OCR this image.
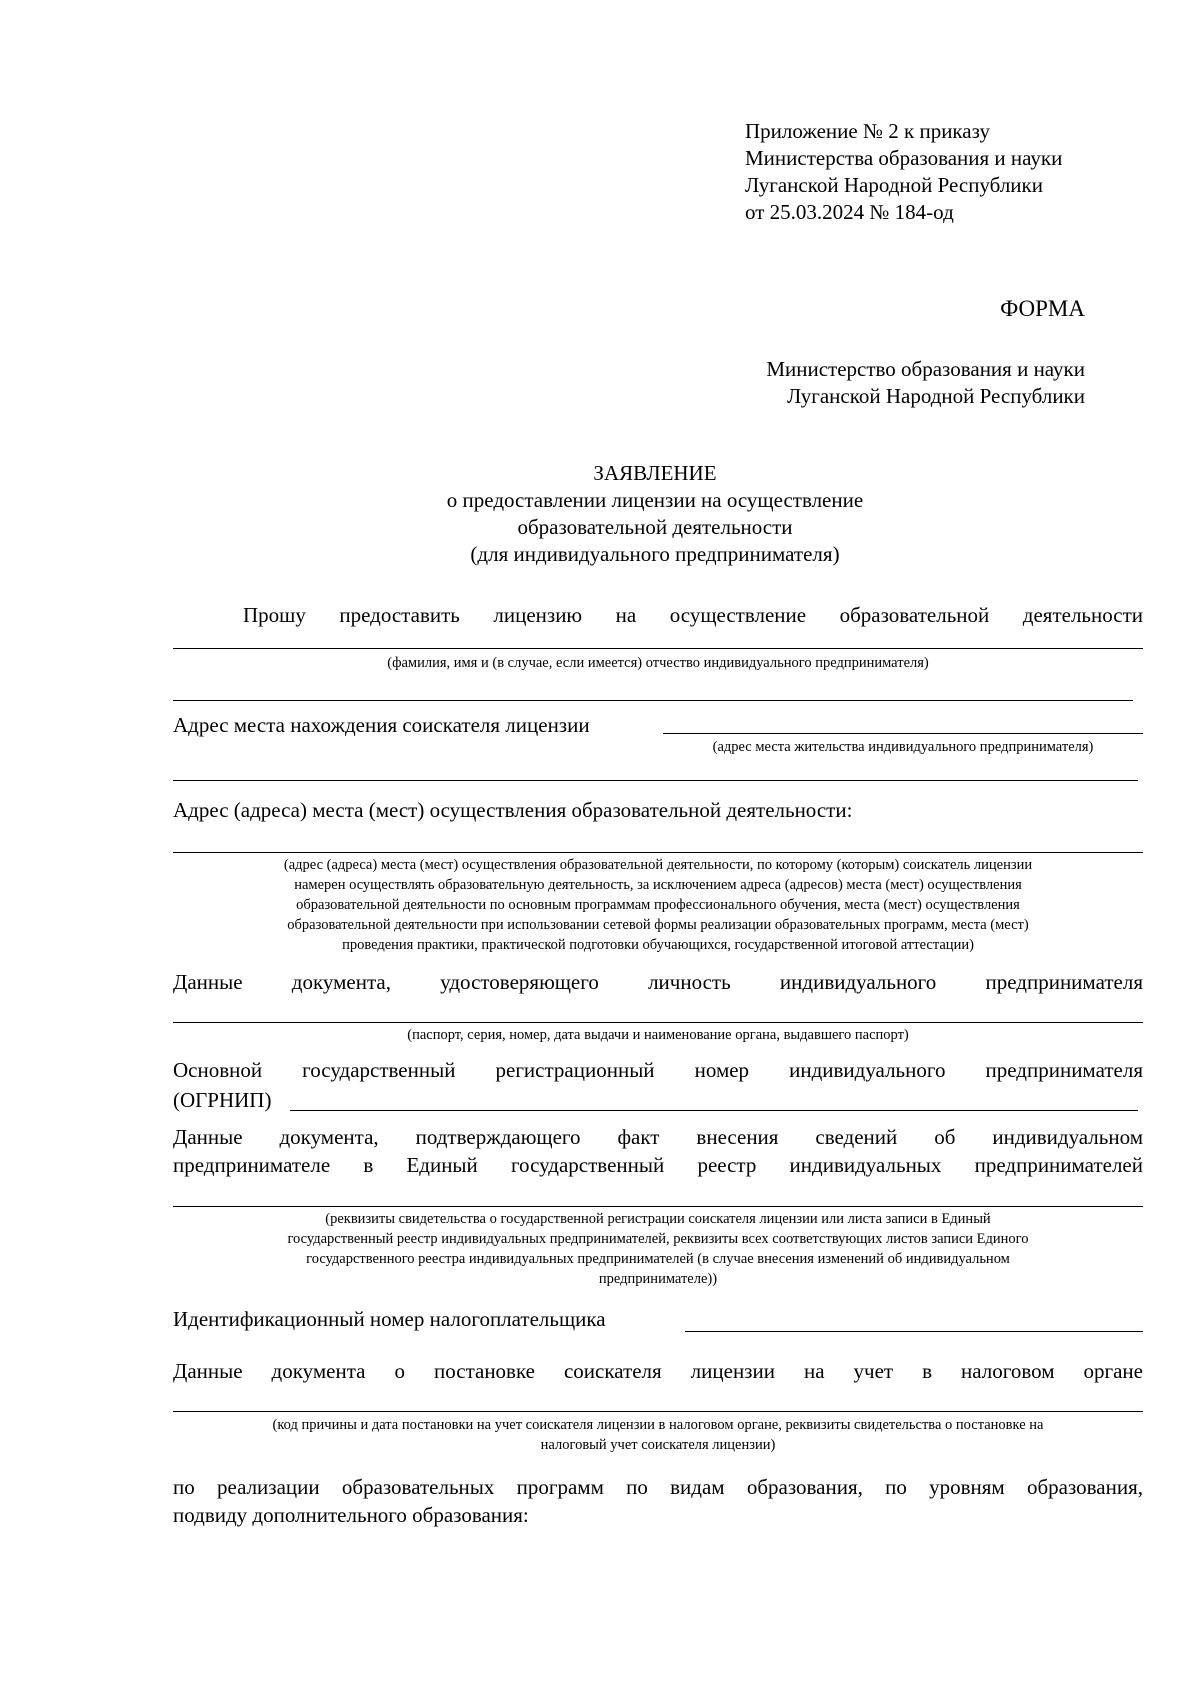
Приложение № 2 к приказу
Министерства образования и науки
Луганской Народной Республики
от 25.03.2024 № 184-од
ФОРМА
Министерство образования и науки
Луганской Народной Республики
ЗАЯВЛЕНИЕ
о предоставлении лицензии на осуществление
образовательной деятельности
(для индивидуального предпринимателя)
Прошу предоставить лицензию на осуществление образовательной деятельности
(фамилия, имя и (в случае, если имеется) отчество индивидуального предпринимателя)
Адрес места нахождения соискателя лицензии
(адрес места жительства индивидуального предпринимателя)
Адрес (адреса) места (мест) осуществления образовательной деятельности:
(адрес (адреса) места (мест) осуществления образовательной деятельности, по которому (которым) соискатель лицензии
намерен осуществлять образовательную деятельность, за исключением адреса (адресов) места (мест) осуществления
образовательной деятельности по основным программам профессионального обучения, места (мест) осуществления
образовательной деятельности при использовании сетевой формы реализации образовательных программ, места (мест)
проведения практики, практической подготовки обучающихся, государственной итоговой аттестации)
Данные документа, удостоверяющего личность индивидуального предпринимателя
(паспорт, серия, номер, дата выдачи и наименование органа, выдавшего паспорт)
Основной государственный регистрационный номер индивидуального предпринимателя
(ОГРНИП)
Данные документа, подтверждающего факт внесения сведений об индивидуальном
предпринимателе в Единый государственный реестр индивидуальных предпринимателей
(реквизиты свидетельства о государственной регистрации соискателя лицензии или листа записи в Единый
государственный реестр индивидуальных предпринимателей, реквизиты всех соответствующих листов записи Единого
государственного реестра индивидуальных предпринимателей (в случае внесения изменений об индивидуальном
предпринимателе))
Идентификационный номер налогоплательщика
Данные документа о постановке соискателя лицензии на учет в налоговом органе
(код причины и дата постановки на учет соискателя лицензии в налоговом органе, реквизиты свидетельства о постановке на
налоговый учет соискателя лицензии)
по реализации образовательных программ по видам образования, по уровням образования,
подвиду дополнительного образования:
